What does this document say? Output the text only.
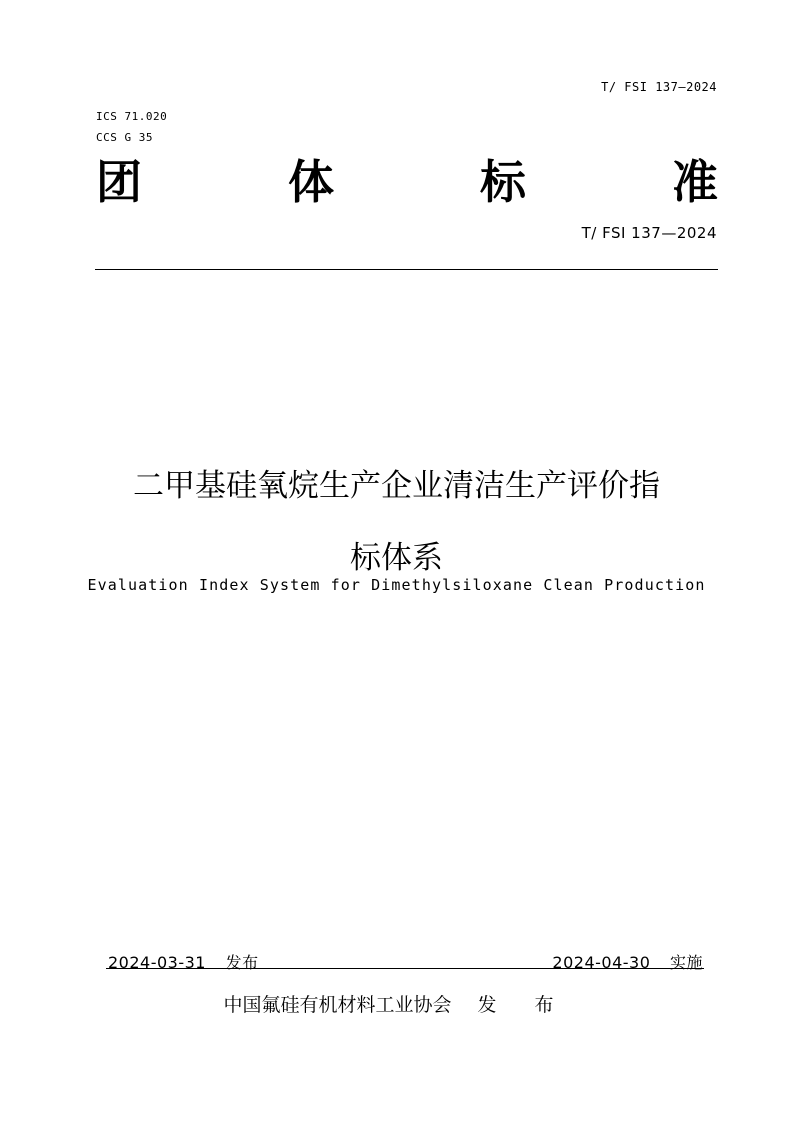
T/ FSI 137—2024
ICS 71.020
CCS G 35
团	体	标	准
T/ FSI 137—2024
二甲基硅氧烷生产企业清洁生产评价指
标体系
Evaluation Index System for Dimethylsiloxane Clean Production
2024-03-31 发布	2024-04-30 实施
中国氟硅有机材料工业协会 发 布
